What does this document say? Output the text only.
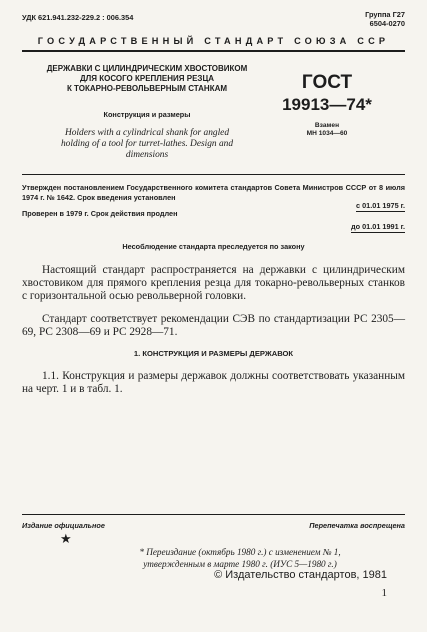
УДК 621.941.232-229.2 : 006.354	Группа Г27
6504-0270
ГОСУДАРСТВЕННЫЙ СТАНДАРТ СОЮЗА ССР
ДЕРЖАВКИ С ЦИЛИНДРИЧЕСКИМ ХВОСТОВИКОМ
ДЛЯ КОСОГО КРЕПЛЕНИЯ РЕЗЦА
К ТОКАРНО-РЕВОЛЬВЕРНЫМ СТАНКАМ
Конструкция и размеры
Holders with a cylindrical shank for angled
holding of a tool for turret-lathes. Design and
dimensions
ГОСТ
19913—74*
Взамен
МН 1034—60
Утвержден постановлением Государственного комитета стандартов Совета Министров СССР от 8 июля 1974 г. № 1642. Срок введения установлен
с 01.01 1975 г.
Проверен в 1979 г. Срок действия продлен
до 01.01 1991 г.
Несоблюдение стандарта преследуется по закону
Настоящий стандарт распространяется на державки с цилиндрическим хвостовиком для прямого крепления резца для токарно-револьверных станков с горизонтальной осью револьверной головки.
Стандарт соответствует рекомендации СЭВ по стандартизации РС 2305—69, РС 2308—69 и РС 2928—71.
1. КОНСТРУКЦИЯ И РАЗМЕРЫ ДЕРЖАВОК
1.1. Конструкция и размеры державок должны соответствовать указанным на черт. 1 и в табл. 1.
Издание официальное	Перепечатка воспрещена
★
* Переиздание (октябрь 1980 г.) с изменением № 1,
утвержденным в марте 1980 г. (ИУС 5—1980 г.)
© Издательство стандартов, 1981
1
